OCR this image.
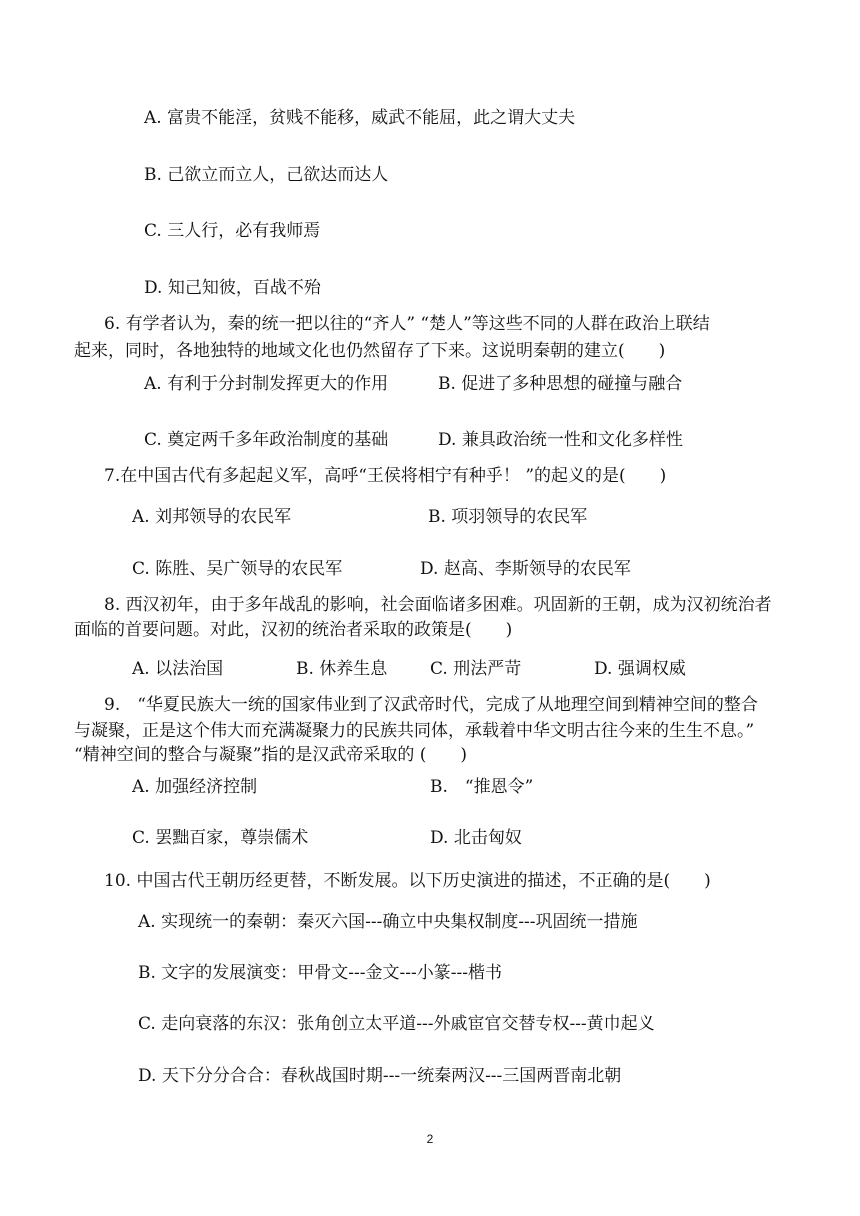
A. 富贵不能淫，贫贱不能移，威武不能屈，此之谓大丈夫
B. 己欲立而立人，己欲达而达人
C. 三人行，必有我师焉
D. 知己知彼，百战不殆
6. 有学者认为，秦的统一把以往的“齐人” “楚人”等这些不同的人群在政治上联结
起来，同时，各地独特的地域文化也仍然留存了下来。这说明秦朝的建立(　　)
A. 有利于分封制发挥更大的作用	B. 促进了多种思想的碰撞与融合
C. 奠定两千多年政治制度的基础	D. 兼具政治统一性和文化多样性
7.在中国古代有多起起义军，高呼“王侯将相宁有种乎！ ”的起义的是(　　)
A. 刘邦领导的农民军	B. 项羽领导的农民军
C. 陈胜、吴广领导的农民军	D. 赵高、李斯领导的农民军
8. 西汉初年，由于多年战乱的影响，社会面临诸多困难。巩固新的王朝，成为汉初统治者
面临的首要问题。对此，汉初的统治者采取的政策是(　　)
A. 以法治国	B. 休养生息	C. 刑法严苛	D. 强调权威
9.　“华夏民族大一统的国家伟业到了汉武帝时代，完成了从地理空间到精神空间的整合
与凝聚，正是这个伟大而充满凝聚力的民族共同体，承载着中华文明古往今来的生生不息。”
“精神空间的整合与凝聚”指的是汉武帝采取的 (　　)
A. 加强经济控制	B.　“推恩令”
C. 罢黜百家，尊崇儒术	D. 北击匈奴
10. 中国古代王朝历经更替，不断发展。以下历史演进的描述，不正确的是(　　)
A. 实现统一的秦朝：秦灭六国---确立中央集权制度---巩固统一措施
B. 文字的发展演变：甲骨文---金文---小篆---楷书
C. 走向衰落的东汉：张角创立太平道---外戚宦官交替专权---黄巾起义
D. 天下分分合合：春秋战国时期---一统秦两汉---三国两晋南北朝
2
